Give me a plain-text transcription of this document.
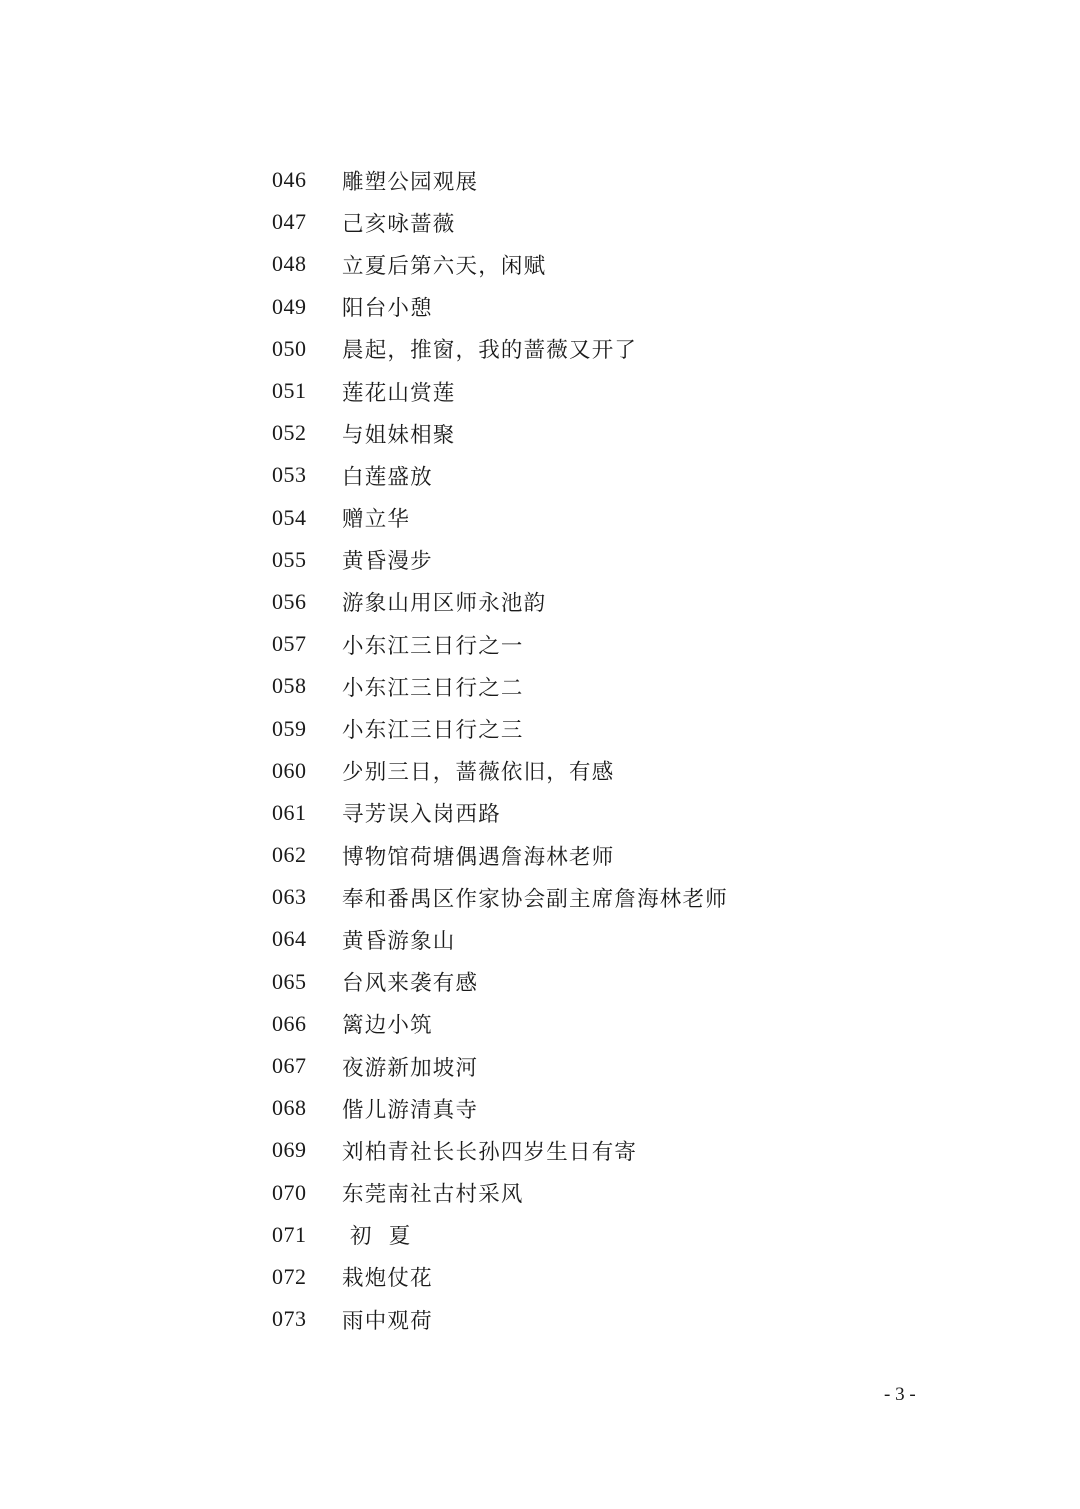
046	雕塑公园观展
047	己亥咏蔷薇
048	立夏后第六天，闲赋
049	阳台小憩
050	晨起，推窗，我的蔷薇又开了
051	莲花山赏莲
052	与姐妹相聚
053	白莲盛放
054	赠立华
055	黄昏漫步
056	游象山用区师永池韵
057	小东江三日行之一
058	小东江三日行之二
059	小东江三日行之三
060	少别三日，蔷薇依旧，有感
061	寻芳误入岗西路
062	博物馆荷塘偶遇詹海林老师
063	奉和番禺区作家协会副主席詹海林老师
064	黄昏游象山
065	台风来袭有感
066	篱边小筑
067	夜游新加坡河
068	偕儿游清真寺
069	刘柏青社长长孙四岁生日有寄
070	东莞南社古村采风
071	初  夏
072	栽炮仗花
073	雨中观荷
- 3 -
